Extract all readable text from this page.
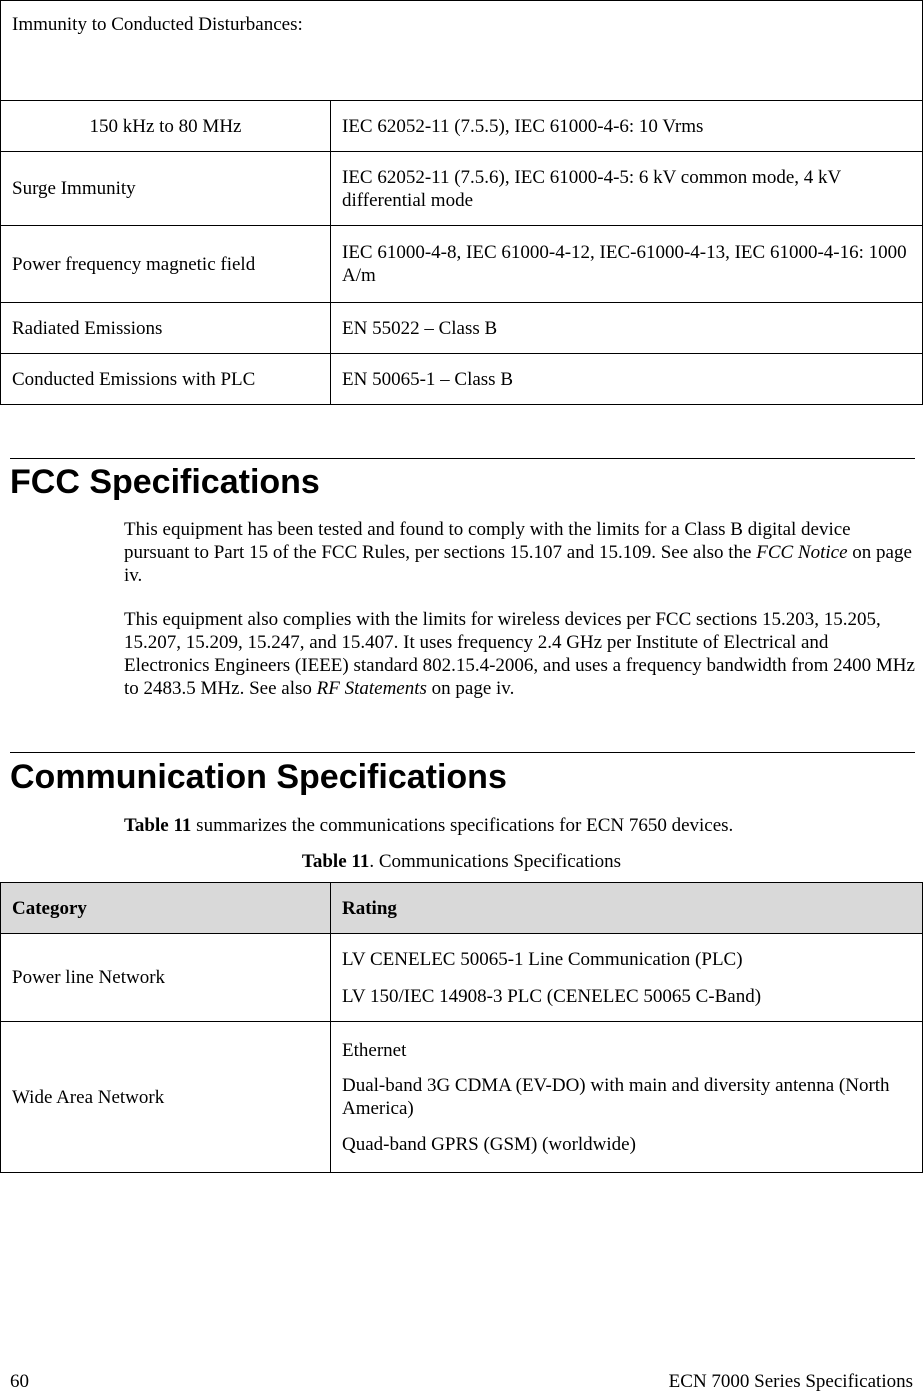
Immunity to Conducted Disturbances:	
150 kHz to 80 MHz	IEC 62052-11 (7.5.5), IEC 61000-4-6: 10 Vrms
Surge Immunity	IEC 62052-11 (7.5.6), IEC 61000-4-5: 6 kV common mode, 4 kV differential mode
Power frequency magnetic field	IEC 61000-4-8, IEC 61000-4-12, IEC-61000-4-13, IEC 61000-4-16: 1000 A/m
Radiated Emissions	EN 55022 – Class B
Conducted Emissions with PLC	EN 50065-1 – Class B
FCC Specifications

This equipment has been tested and found to comply with the limits for a Class B digital device pursuant to Part 15 of the FCC Rules, per sections 15.107 and 15.109. See also the FCC Notice on page iv.

This equipment also complies with the limits for wireless devices per FCC sections 15.203, 15.205, 15.207, 15.209, 15.247, and 15.407. It uses frequency 2.4 GHz per Institute of Electrical and Electronics Engineers (IEEE) standard 802.15.4-2006, and uses a frequency bandwidth from 2400 MHz to 2483.5 MHz. See also RF Statements on page iv.

Communication Specifications

Table 11 summarizes the communications specifications for ECN 7650 devices.

Table 11. Communications Specifications

Category	Rating
Power line Network	LV CENELEC 50065-1 Line Communication (PLC)

LV 150/IEC 14908-3 PLC (CENELEC 50065 C-Band)

Wide Area Network	Ethernet

Dual-band 3G CDMA (EV-DO) with main and diversity antenna (North America)

Quad-band GPRS (GSM) (worldwide)

60	ECN 7000 Series Specifications
